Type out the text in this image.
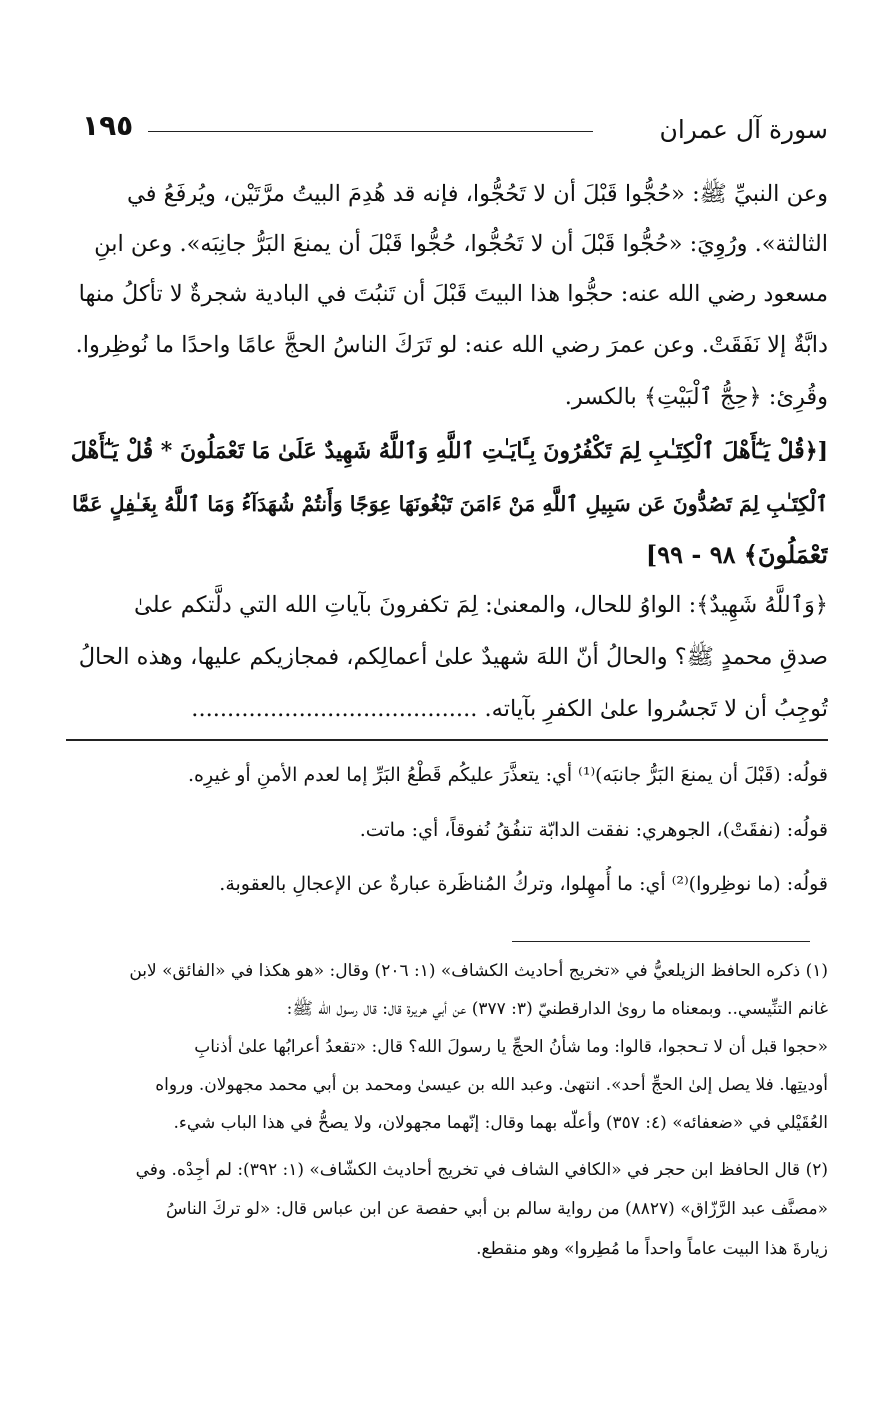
١٩٥	سورة آل عمران

وعن النبيِّ ﷺ: «حُجُّوا قَبْلَ أن لا تَحُجُّوا، فإنه قد هُدِمَ البيتُ مرَّتَيْن، ويُرفَعُ في

الثالثة». ورُوِيَ: «حُجُّوا قَبْلَ أن لا تَحُجُّوا، حُجُّوا قَبْلَ أن يمنعَ البَرُّ جانِبَه». وعن ابنِ

مسعود رضي الله عنه: حجُّوا هذا البيتَ قَبْلَ أن تَنبُتَ في البادية شجرةٌ لا تأكلُ منها

دابَّةٌ إلا نَفَقَتْ. وعن عمرَ رضي الله عنه: لو تَرَكَ الناسُ الحجَّ عامًا واحدًا ما نُوظِروا.

وقُرِئ: ﴿حِجُّ ٱلْبَيْتِ﴾ بالكسر.

[﴿قُلْ يَـٰٓأَهْلَ ٱلْكِتَـٰبِ لِمَ تَكْفُرُونَ بِـَٔايَـٰتِ ٱللَّهِ وَٱللَّهُ شَهِيدٌ عَلَىٰ مَا تَعْمَلُونَ * قُلْ يَـٰٓأَهْلَ

ٱلْكِتَـٰبِ لِمَ تَصُدُّونَ عَن سَبِيلِ ٱللَّهِ مَنْ ءَامَنَ تَبْغُونَهَا عِوَجًا وَأَنتُمْ شُهَدَآءُ وَمَا ٱللَّهُ بِغَـٰفِلٍ عَمَّا

تَعْمَلُونَ﴾ ٩٨ - ٩٩]

﴿وَٱللَّهُ شَهِيدٌ﴾: الواوُ للحال، والمعنىٰ: لِمَ تكفرونَ بآياتِ الله التي دلَّتكم علىٰ

صدقِ محمدٍ ﷺ؟ والحالُ أنّ اللهَ شهيدٌ علىٰ أعمالِكم، فمجازيكم عليها، وهذه الحالُ

تُوجِبُ أن لا تَجسُروا علىٰ الكفرِ بآياته. ........................................

قولُه: (قَبْلَ أن يمنعَ البَرُّ جانبَه)⁽¹⁾ أي: يتعذَّرَ عليكُم قَطْعُ البَرِّ إما لعدم الأمنِ أو غيرِه.

قولُه: (نفقَتْ)، الجوهري: نفقت الدابّة تنفُقُ نُفوقاً، أي: ماتت.

قولُه: (ما نوظِروا)⁽²⁾ أي: ما أُمهِلوا، وتركُ المُناظَرة عبارةٌ عن الإعجالِ بالعقوبة.

(١) ذكره الحافظ الزيلعيُّ في «تخريج أحاديث الكشاف» (١: ٢٠٦) وقال: «هو هكذا في «الفائق» لابن

غانم التنِّيسي.. وبمعناه ما روىٰ الدارقطنيّ (٣: ٣٧٧) عن أبي هريرة قال: قال رسول الله ﷺ:

«حجوا قبل أن لا تـحجوا، قالوا: وما شأنُ الحجِّ يا رسولَ الله؟ قال: «تقعدُ أعرابُها علىٰ أذنابِ

أوديتِها. فلا يصل إلىٰ الحجِّ أحد». انتهىٰ. وعبد الله بن عيسىٰ ومحمد بن أبي محمد مجهولان. ورواه

العُقَيْلي في «ضعفائه» (٤: ٣٥٧) وأعلّه بهما وقال: إنّهما مجهولان، ولا يصحُّ في هذا الباب شيء.

(٢) قال الحافظ ابن حجر في «الكافي الشاف في تخريج أحاديث الكشّاف» (١: ٣٩٢): لم أجِدْه. وفي

«مصنَّف عبد الرَّزّاق» (٨٨٢٧) من رواية سالم بن أبي حفصة عن ابن عباس قال: «لو تركَ الناسُ

زيارةَ هذا البيت عاماً واحداً ما مُطِروا» وهو منقطع.
